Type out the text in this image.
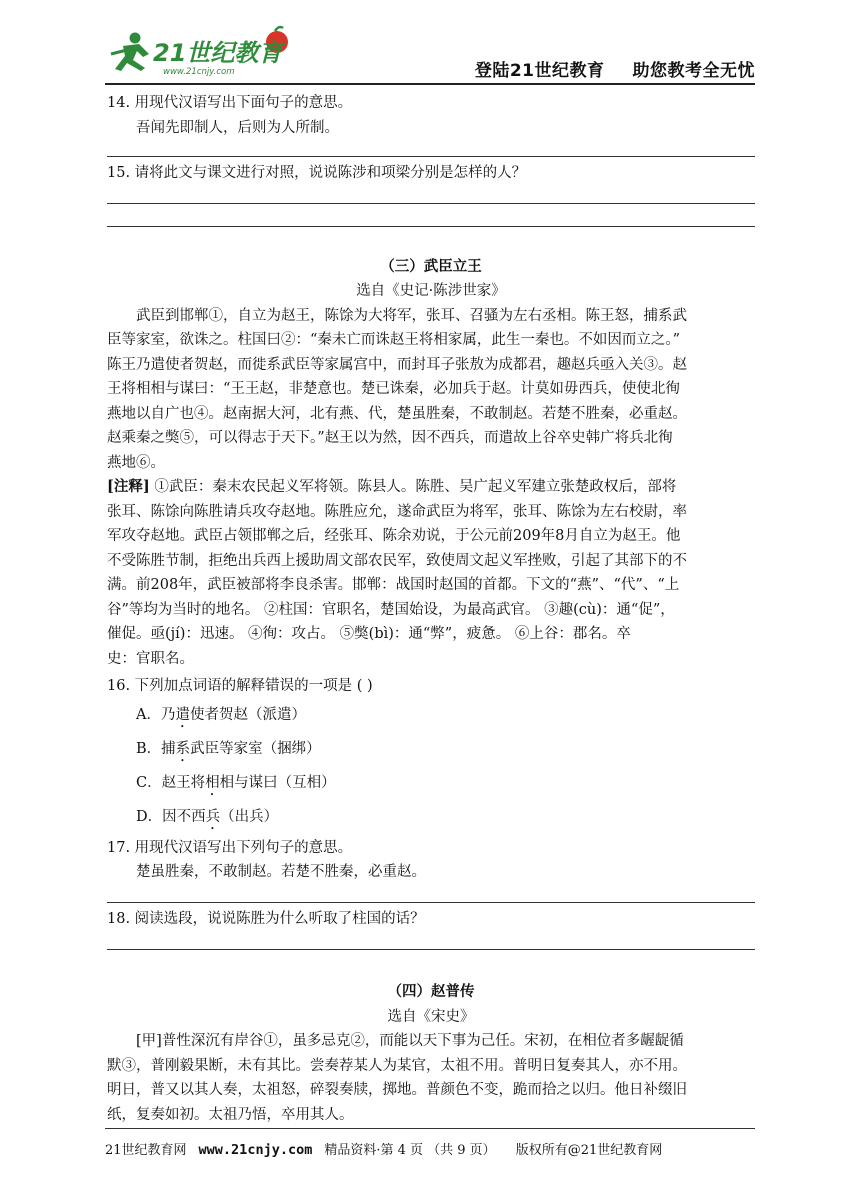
21世纪教育
www.21cnjy.com	登陆21世纪教育 助您教考全无忧
14. 用现代汉语写出下面句子的意思。
吾闻先即制人，后则为人所制。
15. 请将此文与课文进行对照，说说陈涉和项梁分别是怎样的人？
（三）武臣立王
选自《史记·陈涉世家》
武臣到邯郸①，自立为赵王，陈馀为大将军，张耳、召骚为左右丞相。陈王怒，捕系武
臣等家室，欲诛之。柱国曰②：“秦未亡而诛赵王将相家属，此生一秦也。不如因而立之。”
陈王乃遣使者贺赵，而徙系武臣等家属宫中，而封耳子张敖为成都君，趣赵兵亟入关③。赵
王将相相与谋曰：“王王赵，非楚意也。楚已诛秦，必加兵于赵。计莫如毋西兵，使使北徇
燕地以自广也④。赵南据大河，北有燕、代，楚虽胜秦，不敢制赵。若楚不胜秦，必重赵。
赵乘秦之獘⑤，可以得志于天下。”赵王以为然，因不西兵，而遣故上谷卒史韩广将兵北徇
燕地⑥。
[注释] ①武臣：秦末农民起义军将领。陈县人。陈胜、吴广起义军建立张楚政权后，部将
张耳、陈馀向陈胜请兵攻夺赵地。陈胜应允，遂命武臣为将军，张耳、陈馀为左右校尉，率
军攻夺赵地。武臣占领邯郸之后，经张耳、陈余劝说，于公元前209年8月自立为赵王。他
不受陈胜节制，拒绝出兵西上援助周文部农民军，致使周文起义军挫败，引起了其部下的不
满。前208年，武臣被部将李良杀害。邯郸：战国时赵国的首都。下文的“燕”、“代”、“上
谷”等均为当时的地名。 ②柱国：官职名，楚国始设，为最高武官。 ③趣(cù)：通“促”，
催促。亟(jí)：迅速。 ④徇：攻占。 ⑤獘(bì)：通“弊”，疲惫。 ⑥上谷：郡名。卒
史：官职名。
16. 下列加点词语的解释错误的一项是 ( )
A．乃遣使者贺赵（派遣）
B．捕系武臣等家室（捆绑）
C．赵王将相相与谋曰（互相）
D．因不西兵（出兵）
17. 用现代汉语写出下列句子的意思。
楚虽胜秦，不敢制赵。若楚不胜秦，必重赵。
18. 阅读选段，说说陈胜为什么听取了柱国的话？
（四）赵普传
选自《宋史》
[甲]普性深沉有岸谷①，虽多忌克②，而能以天下事为己任。宋初，在相位者多龌龊循
默③，普刚毅果断，未有其比。尝奏荐某人为某官，太祖不用。普明日复奏其人，亦不用。
明日，普又以其人奏，太祖怒，碎裂奏牍，掷地。普颜色不变，跪而拾之以归。他日补缀旧
纸，复奏如初。太祖乃悟，卒用其人。
21世纪教育网 www.21cnjy.com 精品资料·第 4 页 （共 9 页） 版权所有@21世纪教育网
